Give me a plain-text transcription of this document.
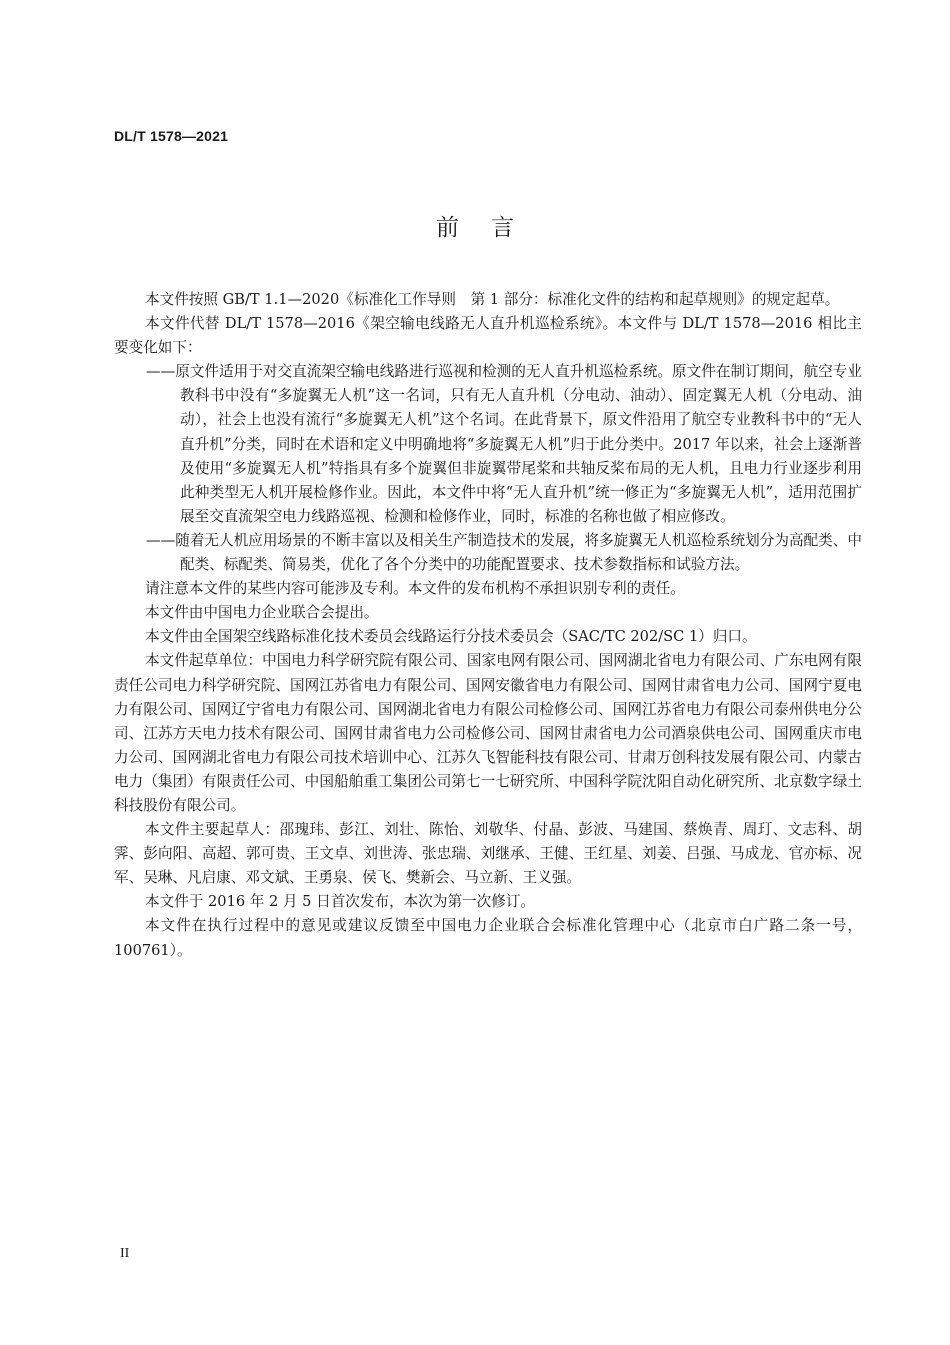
DL/T 1578—2021
前言

本文件按照 GB/T 1.1—2020《标准化工作导则　第 1 部分：标准化文件的结构和起草规则》的规定起草。

本文件代替 DL/T 1578—2016《架空输电线路无人直升机巡检系统》。本文件与 DL/T 1578—2016 相比主要变化如下：

——原文件适用于对交直流架空输电线路进行巡视和检测的无人直升机巡检系统。原文件在制订期间，航空专业教科书中没有“多旋翼无人机”这一名词，只有无人直升机（分电动、油动）、固定翼无人机（分电动、油动），社会上也没有流行“多旋翼无人机”这个名词。在此背景下，原文件沿用了航空专业教科书中的“无人直升机”分类，同时在术语和定义中明确地将“多旋翼无人机”归于此分类中。2017 年以来，社会上逐渐普及使用“多旋翼无人机”特指具有多个旋翼但非旋翼带尾桨和共轴反桨布局的无人机，且电力行业逐步利用此种类型无人机开展检修作业。因此，本文件中将“无人直升机”统一修正为“多旋翼无人机”，适用范围扩展至交直流架空电力线路巡视、检测和检修作业，同时，标准的名称也做了相应修改。

——随着无人机应用场景的不断丰富以及相关生产制造技术的发展，将多旋翼无人机巡检系统划分为高配类、中配类、标配类、简易类，优化了各个分类中的功能配置要求、技术参数指标和试验方法。

请注意本文件的某些内容可能涉及专利。本文件的发布机构不承担识别专利的责任。

本文件由中国电力企业联合会提出。

本文件由全国架空线路标准化技术委员会线路运行分技术委员会（SAC/TC 202/SC 1）归口。

本文件起草单位：中国电力科学研究院有限公司、国家电网有限公司、国网湖北省电力有限公司、广东电网有限责任公司电力科学研究院、国网江苏省电力有限公司、国网安徽省电力有限公司、国网甘肃省电力公司、国网宁夏电力有限公司、国网辽宁省电力有限公司、国网湖北省电力有限公司检修公司、国网江苏省电力有限公司泰州供电分公司、江苏方天电力技术有限公司、国网甘肃省电力公司检修公司、国网甘肃省电力公司酒泉供电公司、国网重庆市电力公司、国网湖北省电力有限公司技术培训中心、江苏久飞智能科技有限公司、甘肃万创科技发展有限公司、内蒙古电力（集团）有限责任公司、中国船舶重工集团公司第七一七研究所、中国科学院沈阳自动化研究所、北京数字绿土科技股份有限公司。

本文件主要起草人：邵瑰玮、彭江、刘壮、陈怡、刘敬华、付晶、彭波、马建国、蔡焕青、周玎、文志科、胡霁、彭向阳、高超、郭可贵、王文卓、刘世涛、张忠瑞、刘继承、王健、王红星、刘姜、吕强、马成龙、官亦标、况军、吴琳、凡启康、邓文斌、王勇泉、侯飞、樊新会、马立新、王义强。

本文件于 2016 年 2 月 5 日首次发布，本次为第一次修订。

本文件在执行过程中的意见或建议反馈至中国电力企业联合会标准化管理中心（北京市白广路二条一号，100761）。

II
